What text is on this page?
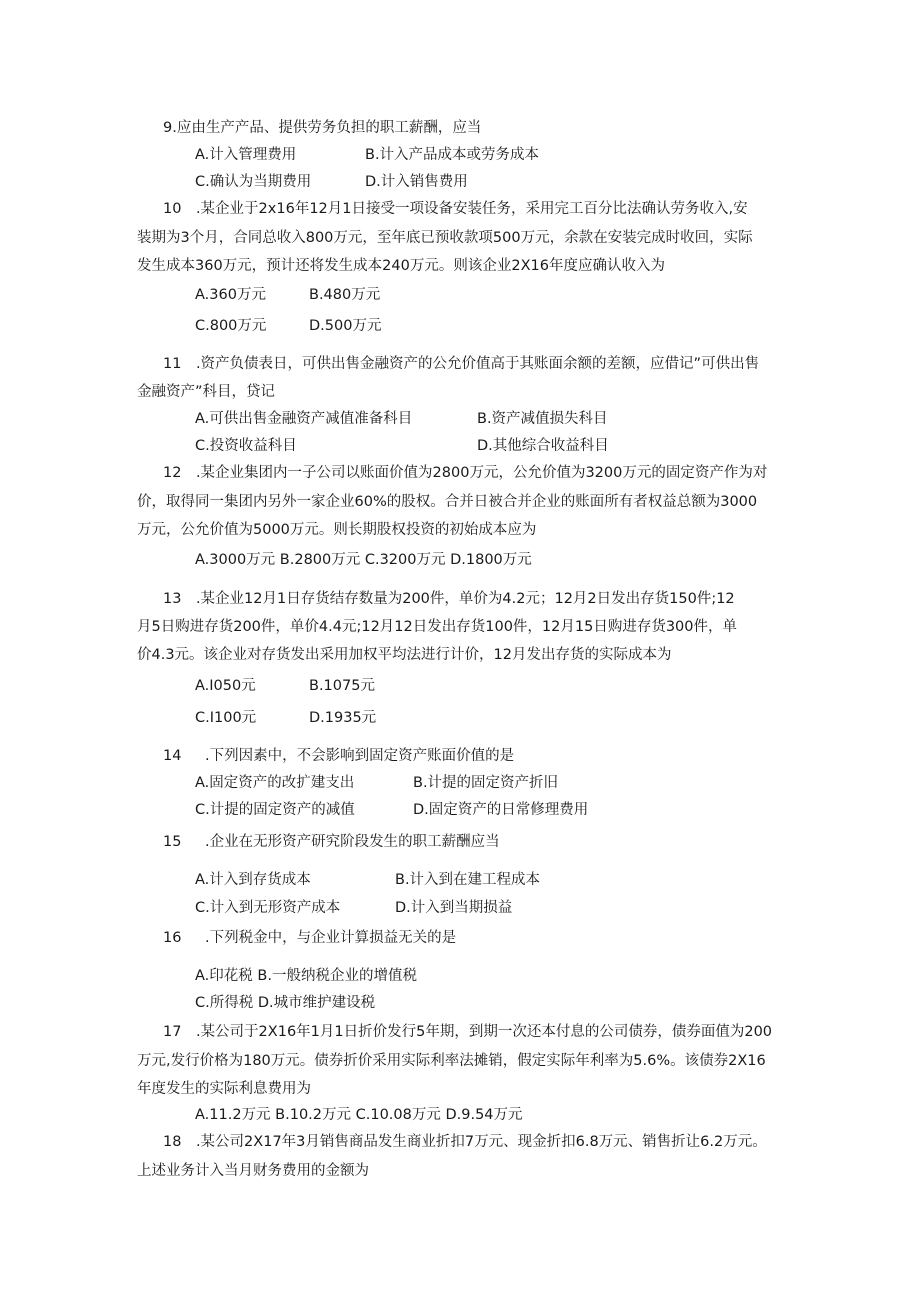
9.应由生产产品、提供劳务负担的职工薪酬，应当
A.计入管理费用	B.计入产品成本或劳务成本
C.确认为当期费用	D.计入销售费用
10　.某企业于2x16年12月1日接受一项设备安装任务，采用完工百分比法确认劳务收入,安
装期为3个月，合同总收入800万元，至年底已预收款项500万元，余款在安装完成时收回，实际
发生成本360万元，预计还将发生成本240万元。则该企业2X16年度应确认收入为
A.360万元	B.480万元
C.800万元	D.500万元
11　.资产负债表日，可供出售金融资产的公允价值高于其账面余额的差额，应借记”可供出售
金融资产”科目，贷记
A.可供出售金融资产减值准备科目	B.资产减值损失科目
C.投资收益科目	D.其他综合收益科目
12　.某企业集团内一子公司以账面价值为2800万元，公允价值为3200万元的固定资产作为对
价，取得同一集团内另外一家企业60%的股权。合并日被合并企业的账面所有者权益总额为3000
万元，公允价值为5000万元。则长期股权投资的初始成本应为
A.3000万元 B.2800万元 C.3200万元 D.1800万元
13　.某企业12月1日存货结存数量为200件，单价为4.2元；12月2日发出存货150件;12
月5日购进存货200件，单价4.4元;12月12日发出存货100件，12月15日购进存货300件，单
价4.3元。该企业对存货发出采用加权平均法进行计价，12月发出存货的实际成本为
A.I050元	B.1075元
C.I100元	D.1935元
14 .下列因素中，不会影响到固定资产账面价值的是
A.固定资产的改扩建支出	B.计提的固定资产折旧
C.计提的固定资产的减值	D.固定资产的日常修理费用
15 .企业在无形资产研究阶段发生的职工薪酬应当
A.计入到存货成本	B.计入到在建工程成本
C.计入到无形资产成本	D.计入到当期损益
16 .下列税金中，与企业计算损益无关的是
A.印花税 B.一般纳税企业的增值税
C.所得税 D.城市维护建设税
17　.某公司于2X16年1月1日折价发行5年期，到期一次还本付息的公司债券，债券面值为200
万元,发行价格为180万元。债券折价采用实际利率法摊销，假定实际年利率为5.6%。该债券2X16
年度发生的实际利息费用为
A.11.2万元 B.10.2万元 C.10.08万元 D.9.54万元
18　.某公司2X17年3月销售商品发生商业折扣7万元、现金折扣6.8万元、销售折让6.2万元。
上述业务计入当月财务费用的金额为
